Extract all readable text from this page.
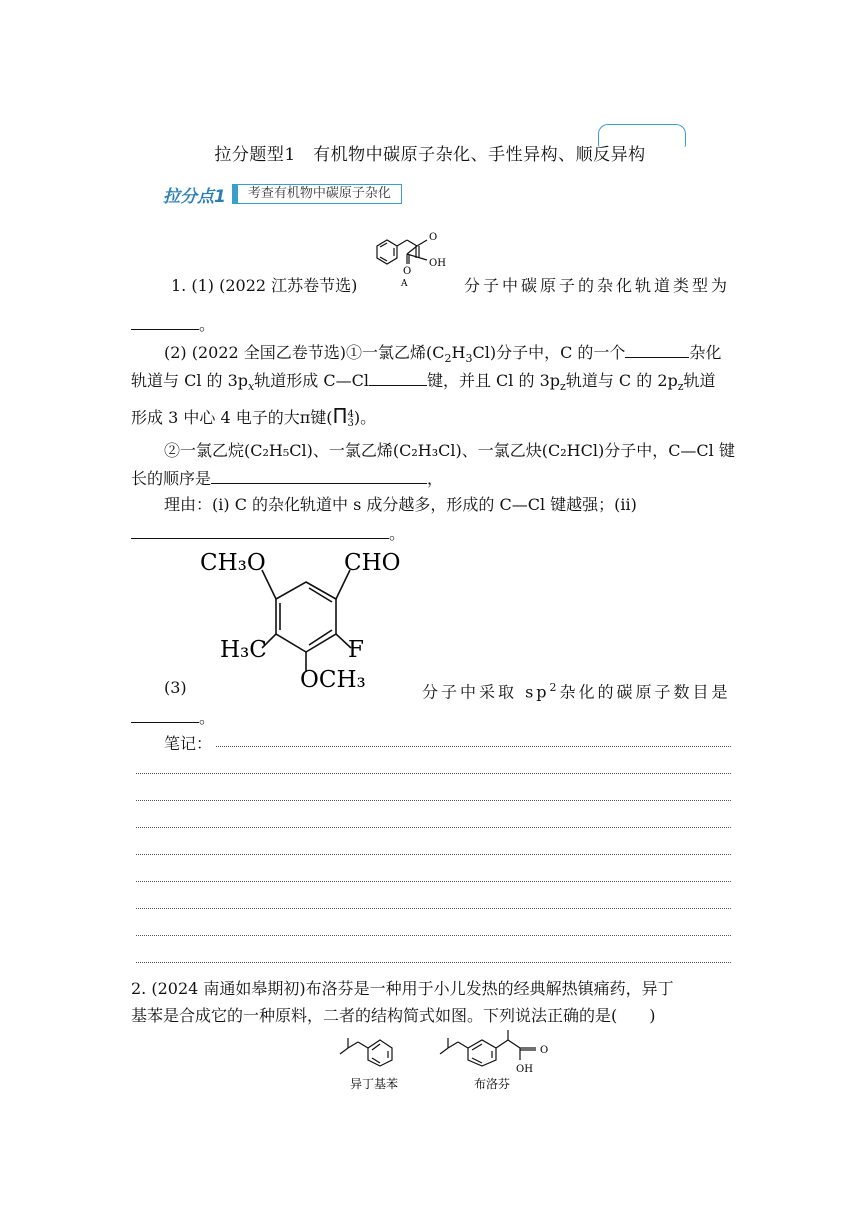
拉分题型1　有机物中碳原子杂化、手性异构、顺反异构
拉分点1	考查有机物中碳原子杂化
O
O
OH
A
1. (1) (2022 江苏卷节选)	分子中碳原子的杂化轨道类型为
。
(2) (2022 全国乙卷节选)①一氯乙烯$(C_2H_3Cl)$分子中，C 的一个	杂化
轨道与 Cl 的 $3p_x$轨道形成 C—Cl	键，并且 Cl 的 $3p_z$轨道与 C 的 $2p_z$轨道
形成 3 中心 4 电子的大π键(Π 4
3 )。
②一氯乙烷(C₂H₅Cl)、一氯乙烯(C₂H₃Cl)、一氯乙炔(C₂HCl)分子中，C—Cl 键
长的顺序是	，
理由：(i) C 的杂化轨道中 s 成分越多，形成的 C—Cl 键越强；(ii)
。
CH₃O	CHO
H₃C	F
OCH₃
(3)	分子中采取 $sp^2$杂化的碳原子数目是
。
笔记：
2. (2024 南通如皋期初)布洛芬是一种用于小儿发热的经典解热镇痛药，异丁
基苯是合成它的一种原料，二者的结构简式如图。下列说法正确的是(　　)
O
OH
异丁基苯	布洛芬
